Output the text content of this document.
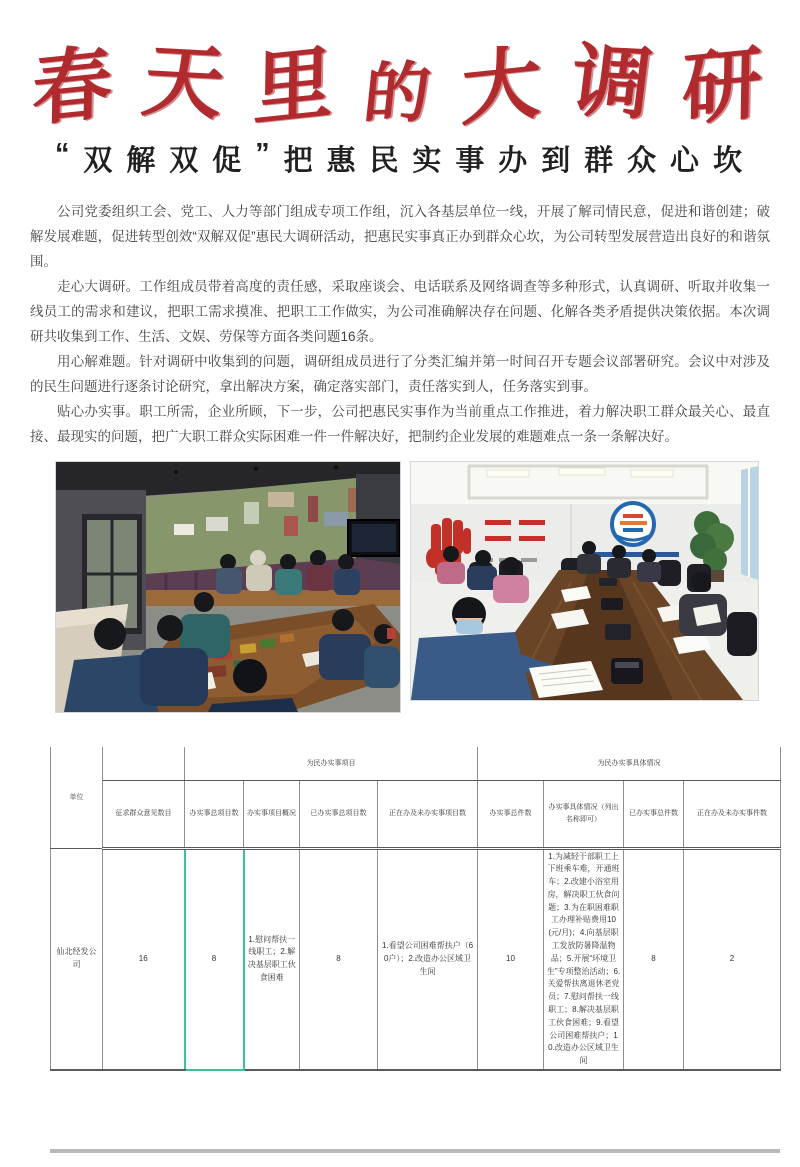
春 天 里 的 大 调 研
“ 双 解 双 促 ” 把 惠 民 实 事 办 到 群 众 心 坎

公司党委组织工会、党工、人力等部门组成专项工作组，沉入各基层单位一线，开展了解司情民意，促进和谐创建；破解发展难题，促进转型创效“双解双促”惠民大调研活动，把惠民实事真正办到群众心坎，为公司转型发展营造出良好的和谐氛围。

走心大调研。工作组成员带着高度的责任感，采取座谈会、电话联系及网络调查等多种形式，认真调研、听取并收集一线员工的需求和建议，把职工需求摸准、把职工工作做实，为公司准确解决存在问题、化解各类矛盾提供决策依据。本次调研共收集到工作、生活、文娱、劳保等方面各类问题16条。

用心解难题。针对调研中收集到的问题，调研组成员进行了分类汇编并第一时间召开专题会议部署研究。会议中对涉及的民生问题进行逐条讨论研究，拿出解决方案，确定落实部门，责任落实到人，任务落实到事。

贴心办实事。职工所需，企业所顾，下一步，公司把惠民实事作为当前重点工作推进，着力解决职工群众最关心、最直接、最现实的问题，把广大职工群众实际困难一件一件解决好，把制约企业发展的难题难点一条一条解决好。

单位		为民办实事项目				为民办实事具体情况			
	征求群众意见数目	办实事总项目数	办实事项目概况	已办实事总项目数	正在办及未办实事项目数	办实事总件数	办实事具体情况（列出名称即可）	已办实事总件数	正在办及未办实事件数
仙北经发公司	16	8	1.慰问帮扶一线职工；2.解决基层职工伙食困难	8	1.看望公司困难帮扶户（60户）；2.改造办公区域卫生间	10	1.为减轻干部职工上下班乘车难，开通班车；2.改建小浴室用房，解决职工伙食问题；3.为在职困难职工办理补贴费用10(元/月)；4.向基层职工发放防暑降温物品；5.开展“环境卫生”专项整治活动；6.关爱帮扶离退休老党员；7.慰问帮扶一线职工；8.解决基层职工伙食困难；9.看望公司困难帮扶户；10.改造办公区域卫生间	8	2
